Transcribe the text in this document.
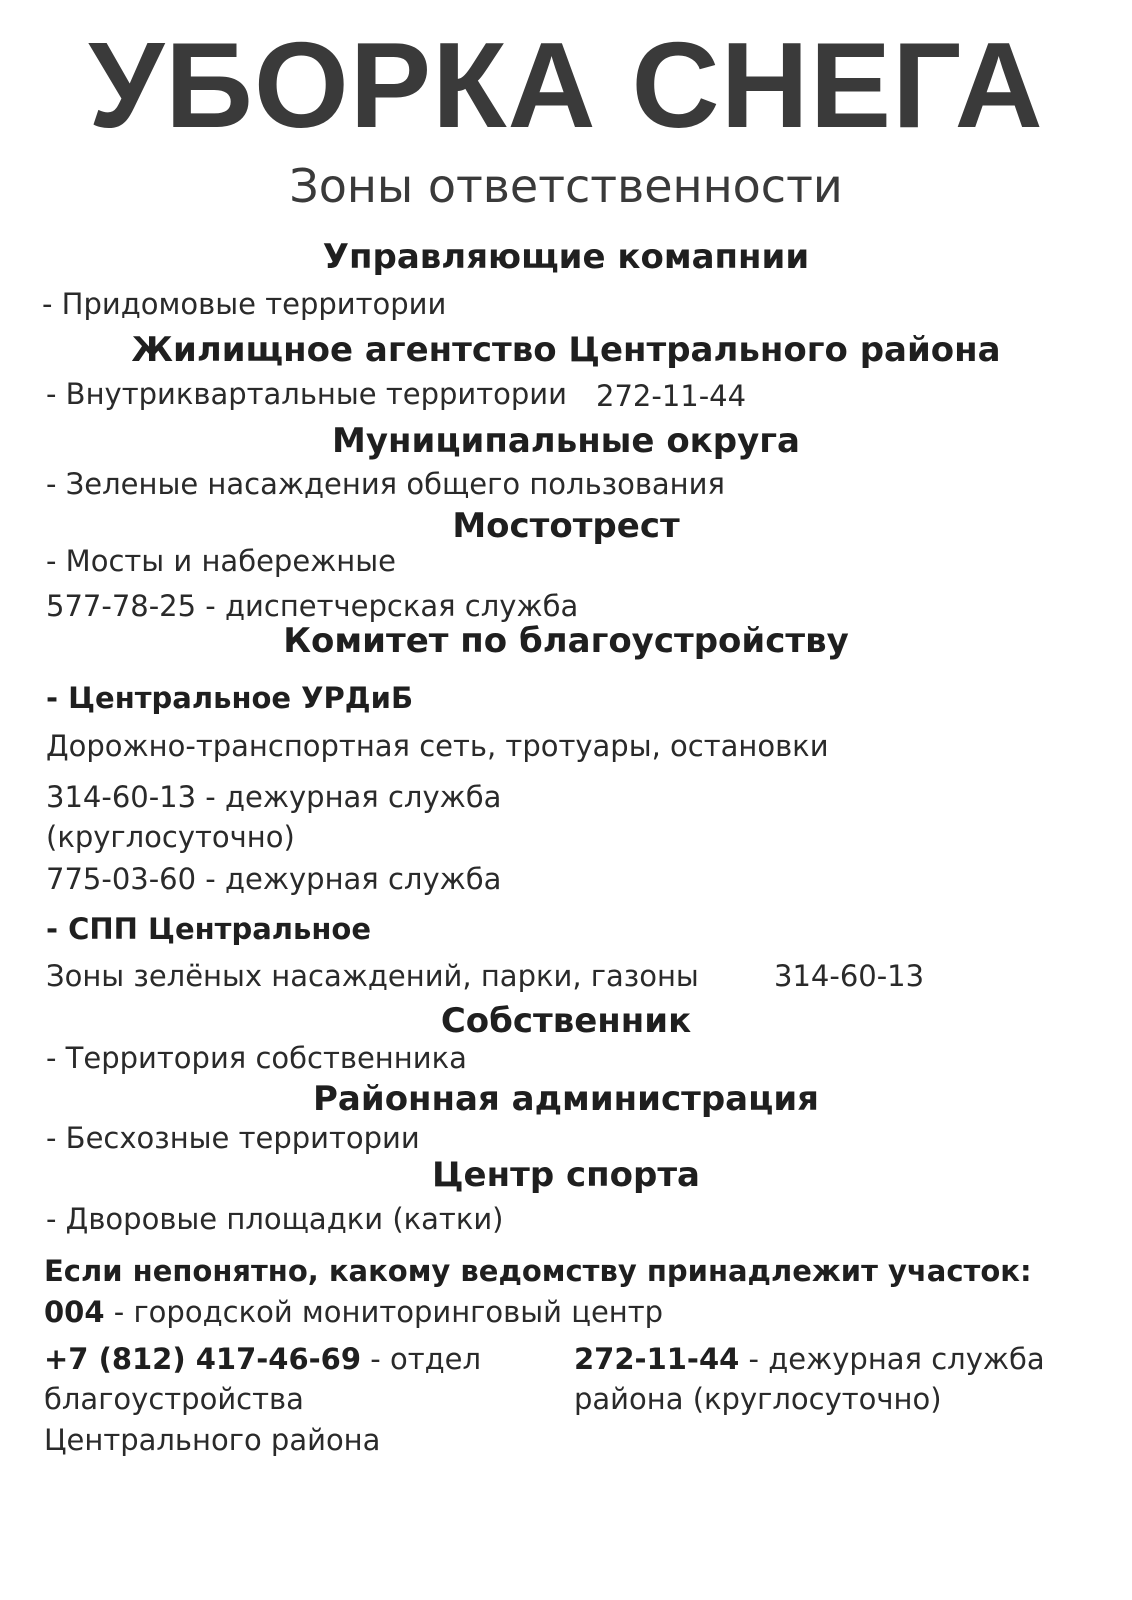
УБОРКА СНЕГА
Зоны ответственности
Управляющие комапнии
- Придомовые территории
Жилищное агентство Центрального района
- Внутриквартальные территории 272-11-44
Муниципальные округа
- Зеленые насаждения общего пользования
Мостотрест
- Мосты и набережные
577-78-25 - диспетчерская служба
Комитет по благоустройству
- Центральное УРДиБ
Дорожно-транспортная сеть, тротуары, остановки
314-60-13 - дежурная служба
(круглосуточно)
775-03-60 - дежурная служба
- СПП Центральное
Зоны зелёных насаждений, парки, газоны	314-60-13
Собственник
- Территория собственника
Районная администрация
- Бесхозные территории
Центр спорта
- Дворовые площадки (катки)
Если непонятно, какому ведомству принадлежит участок:
004 - городской мониторинговый центр
+7 (812) 417-46-69 - отдел
благоустройства
Центрального района
272-11-44 - дежурная служба
района (круглосуточно)
